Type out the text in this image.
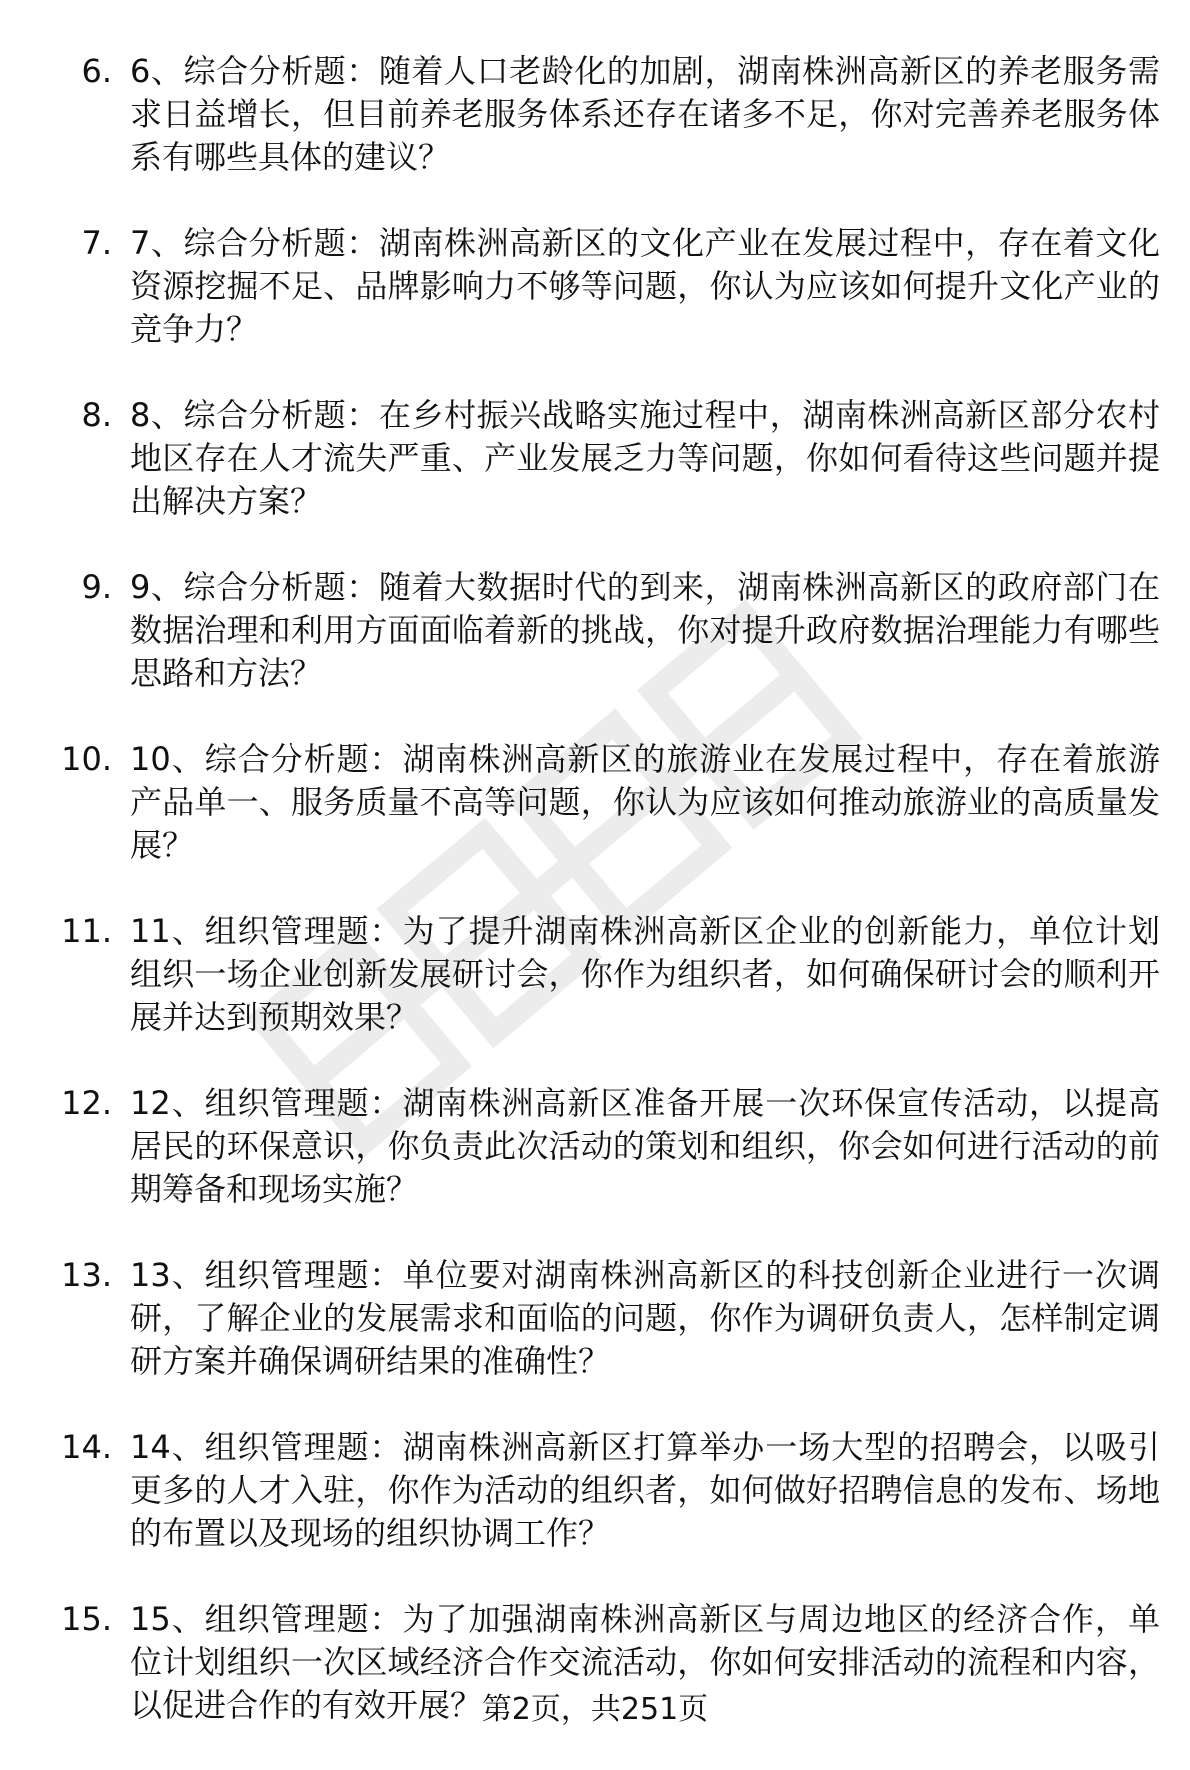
6. 6、综合分析题：随着人口老龄化的加剧，湖南株洲高新区的养老服务需求日益增长，但目前养老服务体系还存在诸多不足，你对完善养老服务体系有哪些具体的建议？
7. 7、综合分析题：湖南株洲高新区的文化产业在发展过程中，存在着文化资源挖掘不足、品牌影响力不够等问题，你认为应该如何提升文化产业的竞争力？
8. 8、综合分析题：在乡村振兴战略实施过程中，湖南株洲高新区部分农村地区存在人才流失严重、产业发展乏力等问题，你如何看待这些问题并提出解决方案？
9. 9、综合分析题：随着大数据时代的到来，湖南株洲高新区的政府部门在数据治理和利用方面面临着新的挑战，你对提升政府数据治理能力有哪些思路和方法？
10. 10、综合分析题：湖南株洲高新区的旅游业在发展过程中，存在着旅游产品单一、服务质量不高等问题，你认为应该如何推动旅游业的高质量发展？
11. 11、组织管理题：为了提升湖南株洲高新区企业的创新能力，单位计划组织一场企业创新发展研讨会，你作为组织者，如何确保研讨会的顺利开展并达到预期效果？
12. 12、组织管理题：湖南株洲高新区准备开展一次环保宣传活动，以提高居民的环保意识，你负责此次活动的策划和组织，你会如何进行活动的前期筹备和现场实施？
13. 13、组织管理题：单位要对湖南株洲高新区的科技创新企业进行一次调研，了解企业的发展需求和面临的问题，你作为调研负责人，怎样制定调研方案并确保调研结果的准确性？
14. 14、组织管理题：湖南株洲高新区打算举办一场大型的招聘会，以吸引更多的人才入驻，你作为活动的组织者，如何做好招聘信息的发布、场地的布置以及现场的组织协调工作？
15. 15、组织管理题：为了加强湖南株洲高新区与周边地区的经济合作，单位计划组织一次区域经济合作交流活动，你如何安排活动的流程和内容，以促进合作的有效开展？ 第2页，共251页
